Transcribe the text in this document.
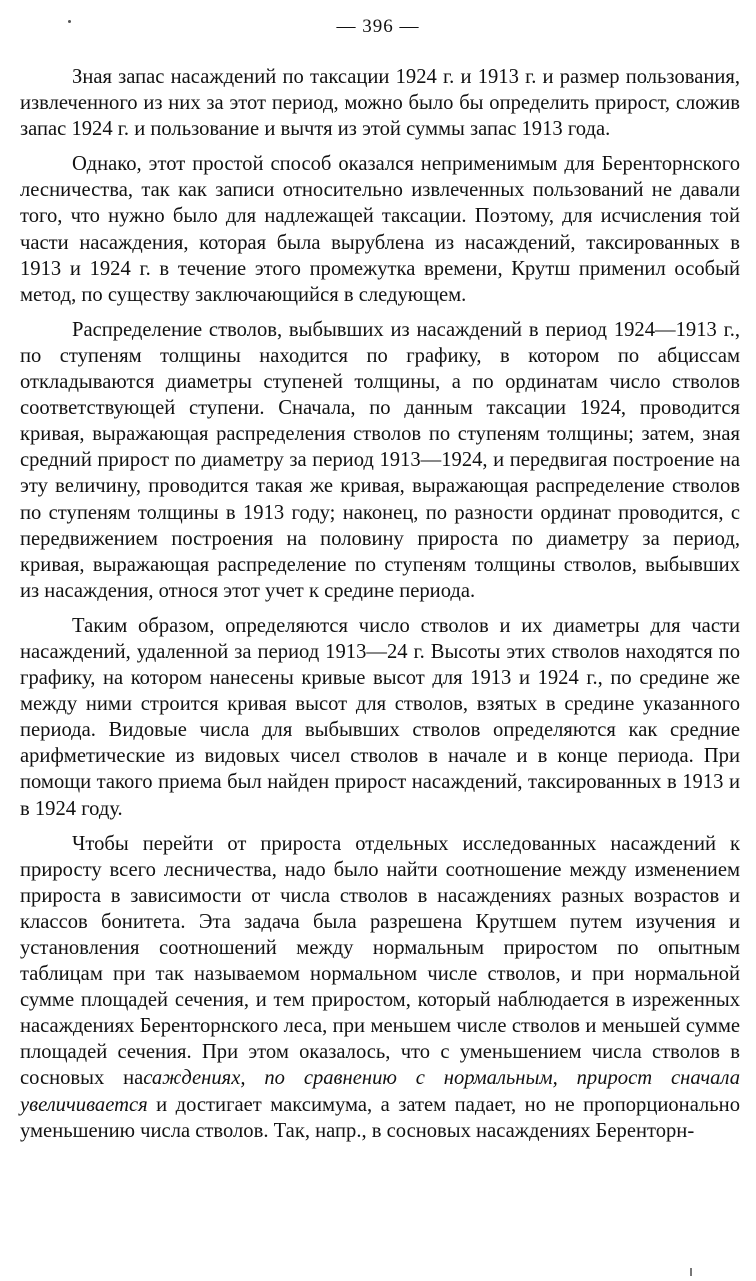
— 396 —

Зная запас насаждений по таксации 1924 г. и 1913 г. и размер пользования, извлеченного из них за этот период, можно было бы определить прирост, сложив запас 1924 г. и пользование и вычтя из этой суммы запас 1913 года.

Однако, этот простой способ оказался неприменимым для Беренторнского лесничества, так как записи относительно извлеченных пользований не давали того, что нужно было для надлежащей таксации. Поэтому, для исчисления той части насаждения, которая была вырублена из насаждений, таксированных в 1913 и 1924 г. в течение этого промежутка времени, Крутш применил особый метод, по существу заключающийся в следующем.

Распределение стволов, выбывших из насаждений в период 1924—1913 г., по ступеням толщины находится по графику, в котором по абциссам откладываются диаметры ступеней толщины, а по ординатам число стволов соответствующей ступени. Сначала, по данным таксации 1924, проводится кривая, выражающая распределения стволов по ступеням толщины; затем, зная средний прирост по диаметру за период 1913—1924, и передвигая построение на эту величину, проводится такая же кривая, выражающая распределение стволов по ступеням толщины в 1913 году; наконец, по разности ординат проводится, с передвижением построения на половину прироста по диаметру за период, кривая, выражающая распределение по ступеням толщины стволов, выбывших из насаждения, относя этот учет к средине периода.

Таким образом, определяются число стволов и их диаметры для части насаждений, удаленной за период 1913—24 г. Высоты этих стволов находятся по графику, на котором нанесены кривые высот для 1913 и 1924 г., по средине же между ними строится кривая высот для стволов, взятых в средине указанного периода. Видовые числа для выбывших стволов определяются как средние арифметические из видовых чисел стволов в начале и в конце периода. При помощи такого приема был найден прирост насаждений, таксированных в 1913 и в 1924 году.

Чтобы перейти от прироста отдельных исследованных насаждений к приросту всего лесничества, надо было найти соотношение между изменением прироста в зависимости от числа стволов в насаждениях разных возрастов и классов бонитета. Эта задача была разрешена Крутшем путем изучения и установления соотношений между нормальным приростом по опытным таблицам при так называемом нормальном числе стволов, и при нормальной сумме площадей сечения, и тем приростом, который наблюдается в изреженных насаждениях Беренторнского леса, при меньшем числе стволов и меньшей сумме площадей сечения. При этом оказалось, что с уменьшением числа стволов в сосновых насаждениях, по сравнению с нормальным, прирост сначала увеличивается и достигает максимума, а затем падает, но не пропорционально уменьшению числа стволов. Так, напр., в сосновых насаждениях Беренторн-
